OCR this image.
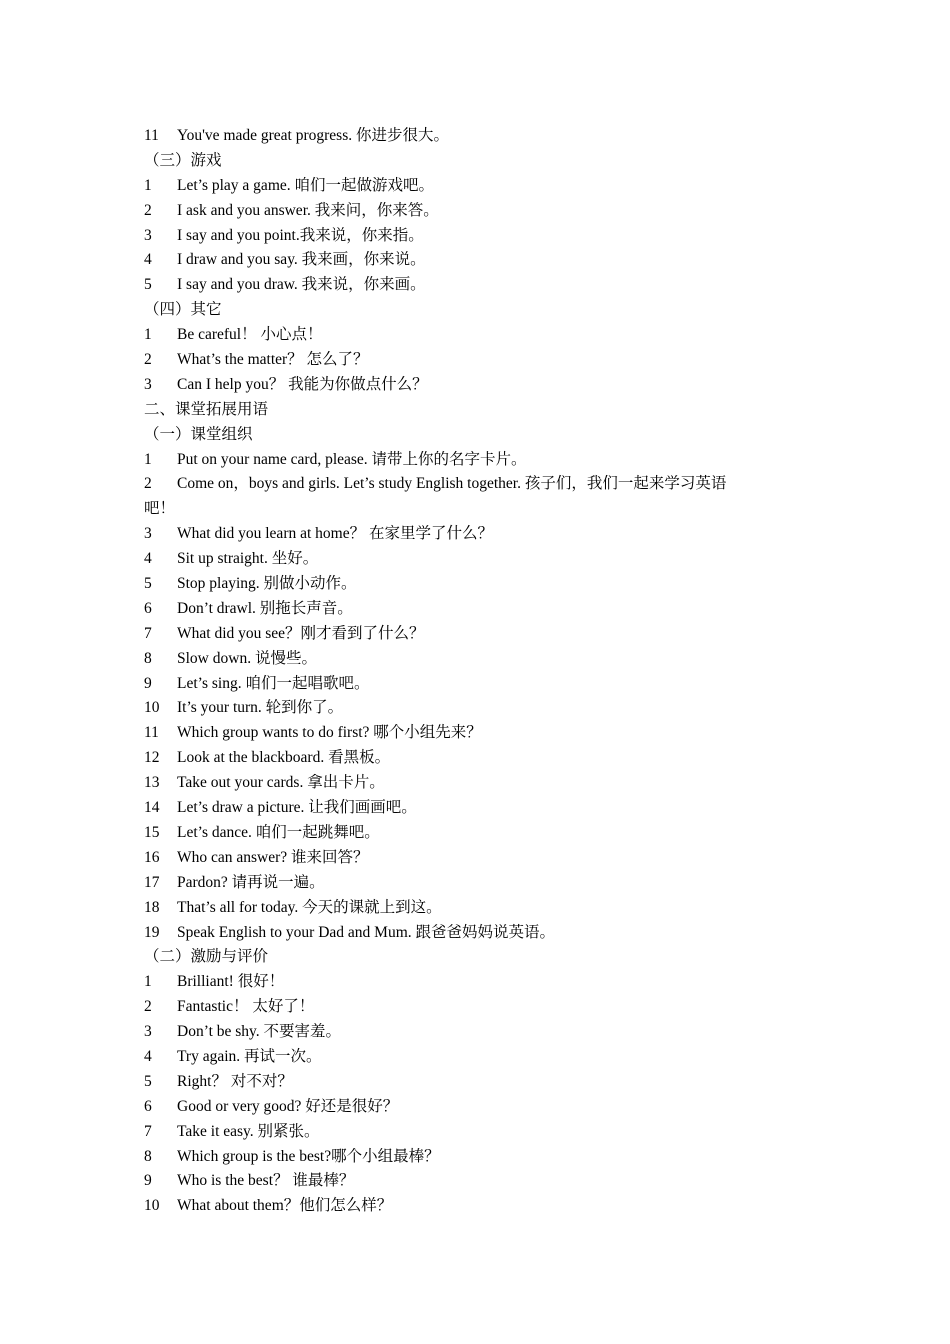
11 You've made great progress. 你进步很大。
（三）游戏
1 Let’s play a game. 咱们一起做游戏吧。
2 I ask and you answer. 我来问，你来答。
3 I say and you point.我来说，你来指。
4 I draw and you say. 我来画，你来说。
5 I say and you draw. 我来说，你来画。
（四）其它
1 Be careful！ 小心点！
2 What’s the matter？ 怎么了？
3 Can I help you？ 我能为你做点什么？
二、课堂拓展用语
（一）课堂组织
1 Put on your name card, please. 请带上你的名字卡片。
2 Come on，boys and girls. Let’s study English together. 孩子们，我们一起来学习英语
吧！
3 What did you learn at home？ 在家里学了什么？
4 Sit up straight. 坐好。
5 Stop playing. 别做小动作。
6 Don’t drawl. 别拖长声音。
7 What did you see？刚才看到了什么？
8 Slow down. 说慢些。
9 Let’s sing. 咱们一起唱歌吧。
10 It’s your turn. 轮到你了。
11 Which group wants to do first? 哪个小组先来？
12 Look at the blackboard. 看黑板。
13 Take out your cards. 拿出卡片。
14 Let’s draw a picture. 让我们画画吧。
15 Let’s dance. 咱们一起跳舞吧。
16 Who can answer? 谁来回答？
17 Pardon? 请再说一遍。
18 That’s all for today. 今天的课就上到这。
19 Speak English to your Dad and Mum. 跟爸爸妈妈说英语。
（二）激励与评价
1 Brilliant! 很好！
2 Fantastic！ 太好了！
3 Don’t be shy. 不要害羞。
4 Try again. 再试一次。
5 Right？ 对不对？
6 Good or very good? 好还是很好？
7 Take it easy. 别紧张。
8 Which group is the best?哪个小组最棒？
9 Who is the best？ 谁最棒？
10 What about them？他们怎么样？
